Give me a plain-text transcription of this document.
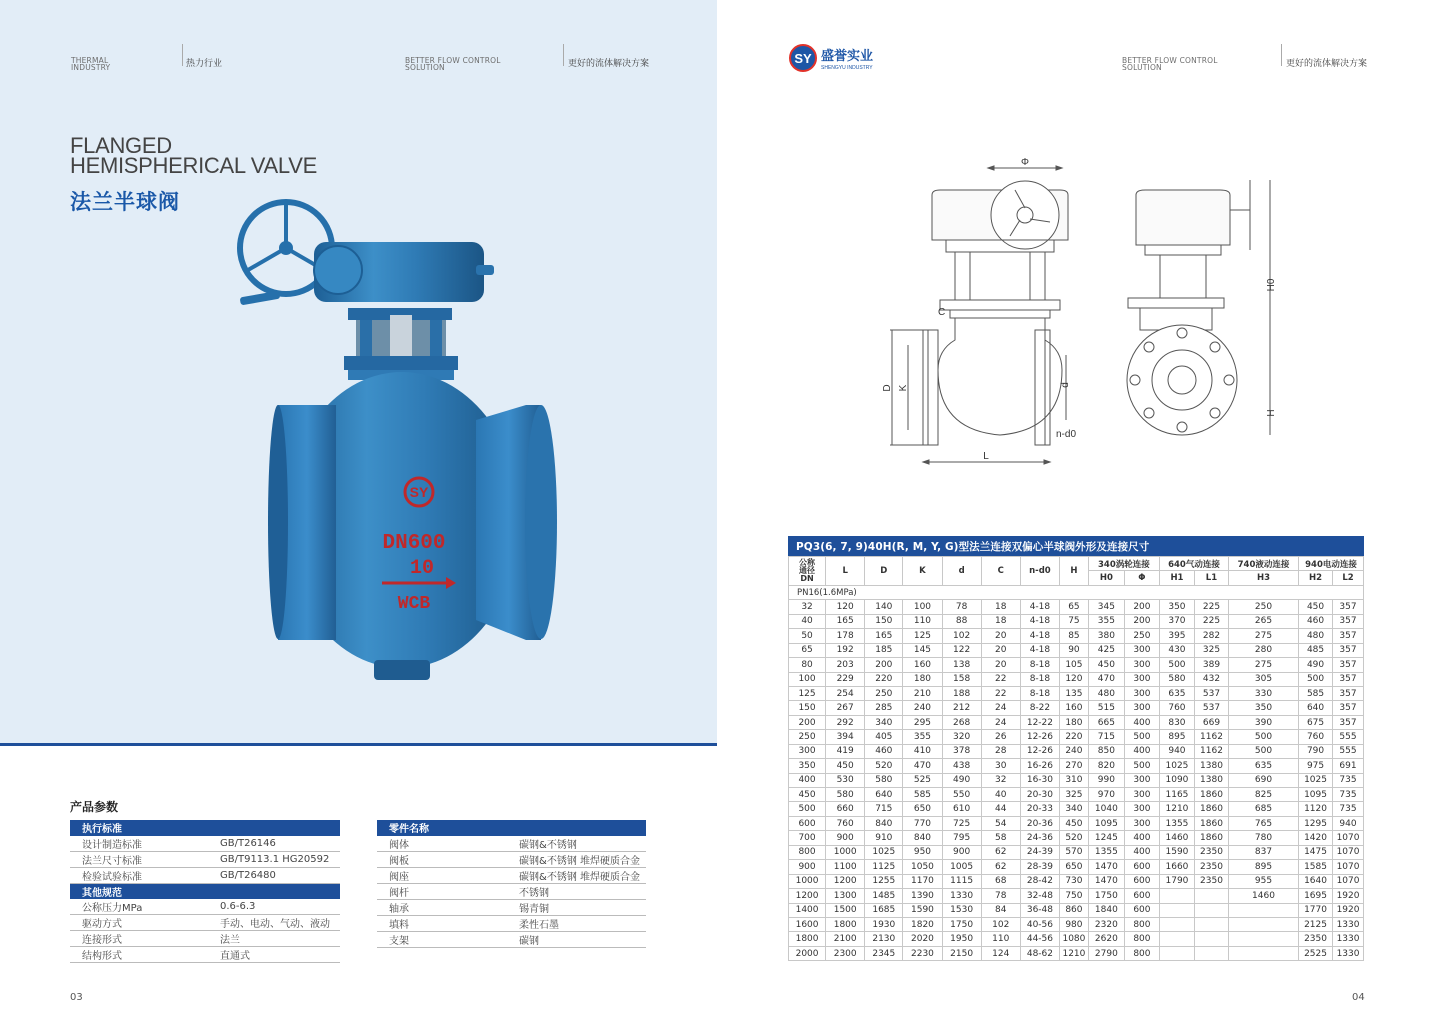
THERMAL
INDUSTRY	热力行业	BETTER FLOW CONTROL
SOLUTION	更好的流体解决方案
FLANGED
HEMISPHERICAL VALVE
法兰半球阀
SY
DN600
10
WCB
产品参数
执行标准	
设计制造标准	GB/T26146
法兰尺寸标准	GB/T9113.1 HG20592
检验试验标准	GB/T26480
其他规范	
公称压力MPa	0.6-6.3
驱动方式	手动、电动、气动、液动
连接形式	法兰
结构形式	直通式
零件名称	
阀体	碳钢&不锈钢
阀板	碳钢&不锈钢 堆焊硬质合金
阀座	碳钢&不锈钢 堆焊硬质合金
阀杆	不锈钢
轴承	锡青铜
填料	柔性石墨
支架	碳钢
03
SY 盛誉实业
SHENGYU INDUSTRY
BETTER FLOW CONTROL
SOLUTION	更好的流体解决方案
Φ
D K	d
C
n-d0
L
H0
H
PQ3(6, 7, 9)40H(R, M, Y, G)型法兰连接双偏心半球阀外形及连接尺寸
公称
通径
DN	L	D	K	d	C	n-d0	H	340涡轮连接		640气动连接		740液动连接	940电动连接	
								H0	Φ	H1	L1	H3	H2	L2
PN16(1.6MPa)														
32	120	140	100	78	18	4-18	65	345	200	350	225	250	450	357
40	165	150	110	88	18	4-18	75	355	200	370	225	265	460	357
50	178	165	125	102	20	4-18	85	380	250	395	282	275	480	357
65	192	185	145	122	20	4-18	90	425	300	430	325	280	485	357
80	203	200	160	138	20	8-18	105	450	300	500	389	275	490	357
100	229	220	180	158	22	8-18	120	470	300	580	432	305	500	357
125	254	250	210	188	22	8-18	135	480	300	635	537	330	585	357
150	267	285	240	212	24	8-22	160	515	300	760	537	350	640	357
200	292	340	295	268	24	12-22	180	665	400	830	669	390	675	357
250	394	405	355	320	26	12-26	220	715	500	895	1162	500	760	555
300	419	460	410	378	28	12-26	240	850	400	940	1162	500	790	555
350	450	520	470	438	30	16-26	270	820	500	1025	1380	635	975	691
400	530	580	525	490	32	16-30	310	990	300	1090	1380	690	1025	735
450	580	640	585	550	40	20-30	325	970	300	1165	1860	825	1095	735
500	660	715	650	610	44	20-33	340	1040	300	1210	1860	685	1120	735
600	760	840	770	725	54	20-36	450	1095	300	1355	1860	765	1295	940
700	900	910	840	795	58	24-36	520	1245	400	1460	1860	780	1420	1070
800	1000	1025	950	900	62	24-39	570	1355	400	1590	2350	837	1475	1070
900	1100	1125	1050	1005	62	28-39	650	1470	600	1660	2350	895	1585	1070
1000	1200	1255	1170	1115	68	28-42	730	1470	600	1790	2350	955	1640	1070
1200	1300	1485	1390	1330	78	32-48	750	1750	600			1460	1695	1920
1400	1500	1685	1590	1530	84	36-48	860	1840	600				1770	1920
1600	1800	1930	1820	1750	102	40-56	980	2320	800				2125	1330
1800	2100	2130	2020	1950	110	44-56	1080	2620	800				2350	1330
2000	2300	2345	2230	2150	124	48-62	1210	2790	800				2525	1330
04
